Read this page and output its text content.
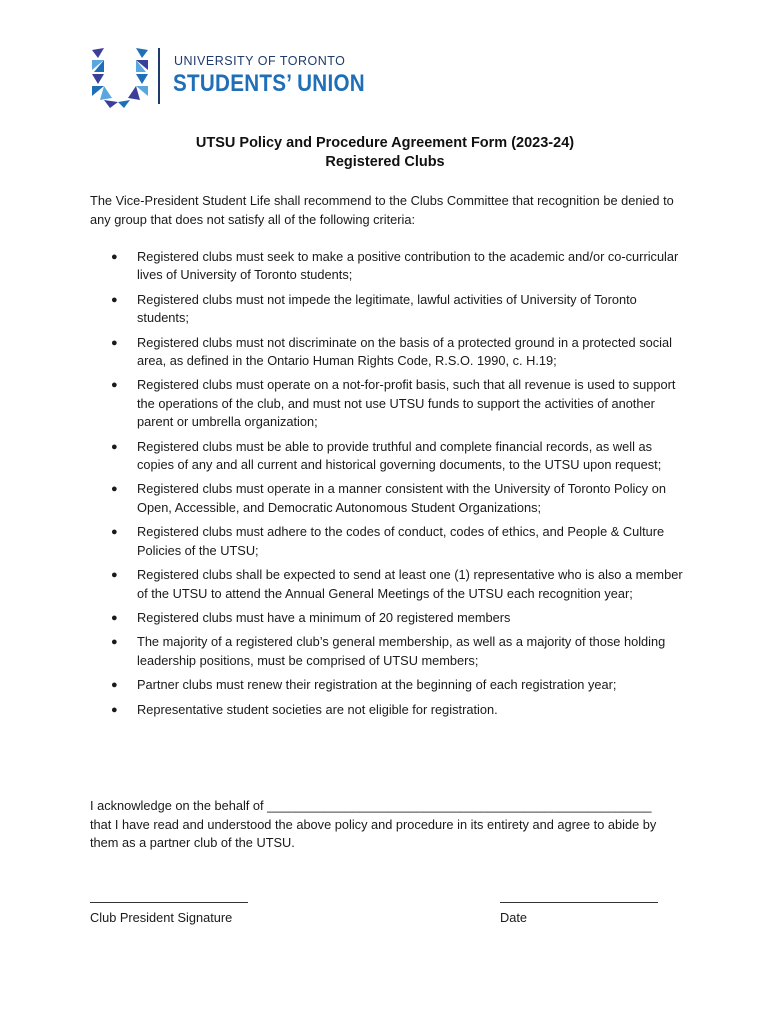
UNIVERSITY OF TORONTO
STUDENTS’ UNION
UTSU Policy and Procedure Agreement Form (2023-24)
Registered Clubs
The Vice-President Student Life shall recommend to the Clubs Committee that recognition be denied to any group that does not satisfy all of the following criteria:
● Registered clubs must seek to make a positive contribution to the academic and/or co-curricular lives of University of Toronto students;
● Registered clubs must not impede the legitimate, lawful activities of University of Toronto students;
● Registered clubs must not discriminate on the basis of a protected ground in a protected social area, as defined in the Ontario Human Rights Code, R.S.O. 1990, c. H.19;
● Registered clubs must operate on a not-for-profit basis, such that all revenue is used to support the operations of the club, and must not use UTSU funds to support the activities of another parent or umbrella organization;
● Registered clubs must be able to provide truthful and complete financial records, as well as copies of any and all current and historical governing documents, to the UTSU upon request;
● Registered clubs must operate in a manner consistent with the University of Toronto Policy on Open, Accessible, and Democratic Autonomous Student Organizations;
● Registered clubs must adhere to the codes of conduct, codes of ethics, and People & Culture Policies of the UTSU;
● Registered clubs shall be expected to send at least one (1) representative who is also a member of the UTSU to attend the Annual General Meetings of the UTSU each recognition year;
● Registered clubs must have a minimum of 20 registered members
● The majority of a registered club’s general membership, as well as a majority of those holding leadership positions, must be comprised of UTSU members;
● Partner clubs must renew their registration at the beginning of each registration year;
● Representative student societies are not eligible for registration.
I acknowledge on the behalf of ______________________________________________________
that I have read and understood the above policy and procedure in its entirety and agree to abide by them as a partner club of the UTSU.
Club President Signature	Date
